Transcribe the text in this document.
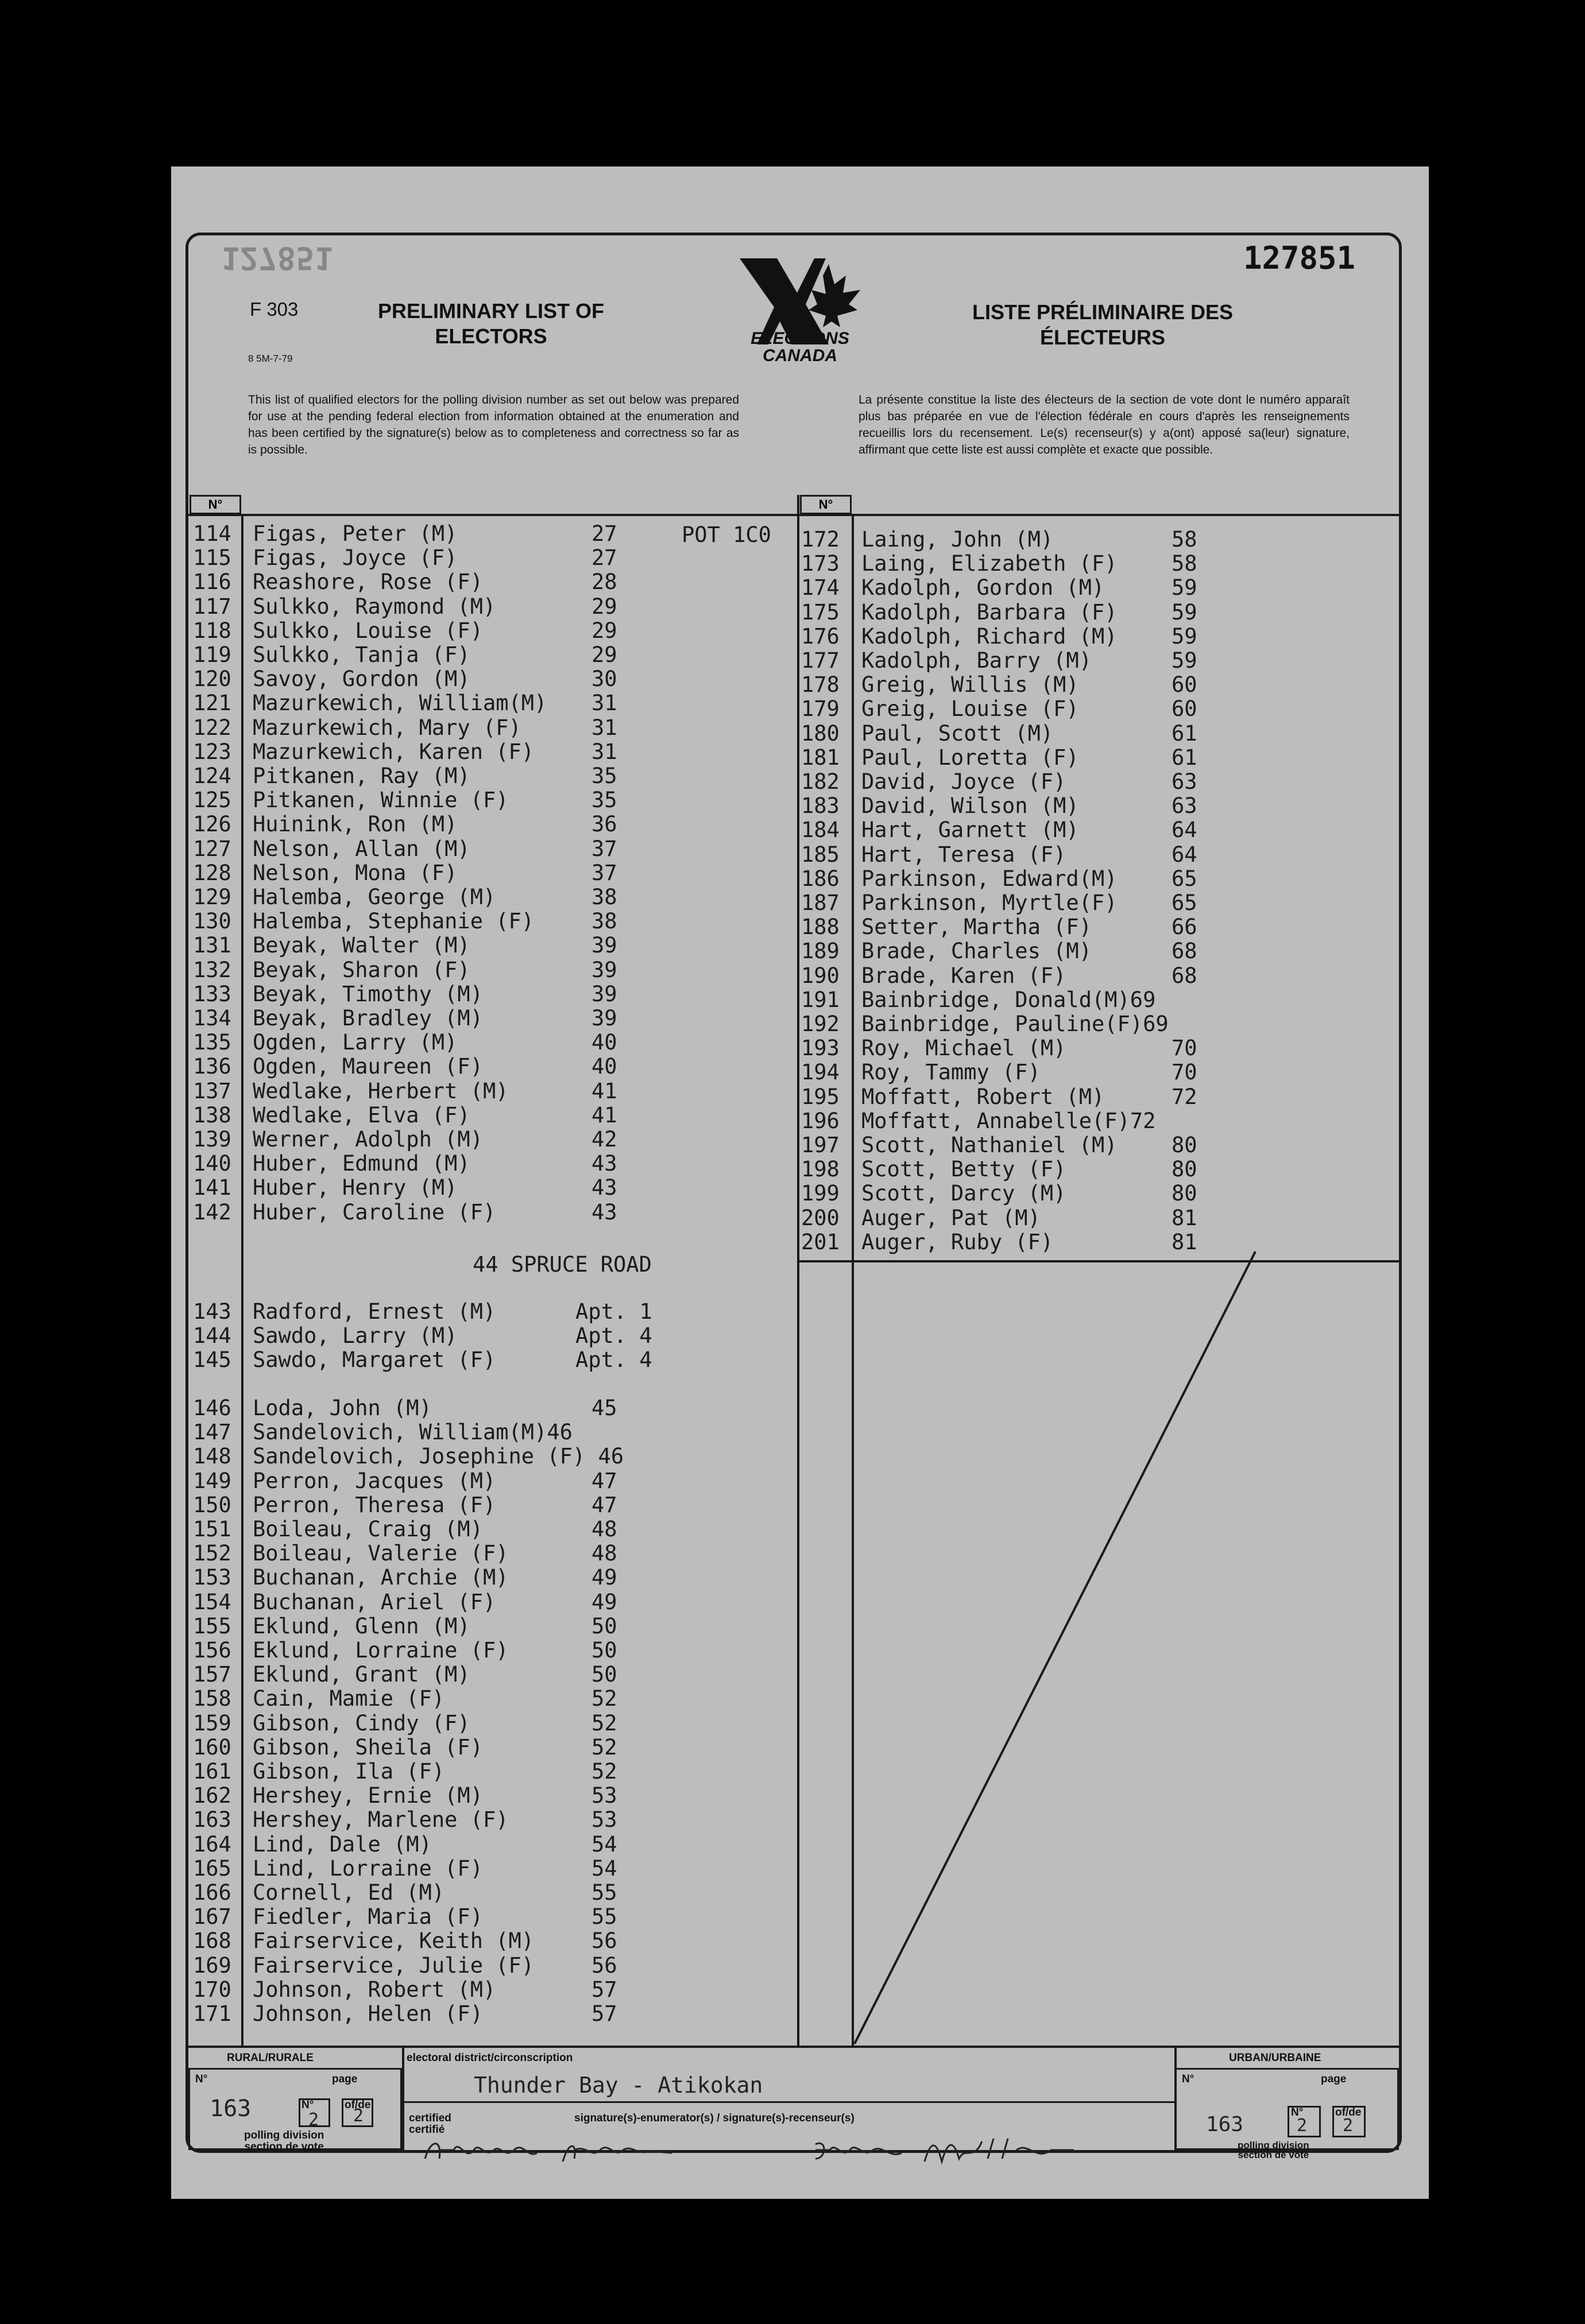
127851	127851
F 303
8 5M-7-79
PRELIMINARY LIST OF
ELECTORS
LISTE PRÉLIMINAIRE DES
ÉLECTEURS
ELECTIONS
CANADA
This list of qualified electors for the polling division number as set out below was prepared for use at the pending federal election from information obtained at the enumeration and has been certified by the signature(s) below as to completeness and correctness so far as is possible.
La présente constitue la liste des électeurs de la section de vote dont le numéro apparaît plus bas préparée en vue de l'élection fédérale en cours d'après les renseignements recueillis lors du recensement. Le(s) recenseur(s) y a(ont) apposé sa(leur) signature, affirmant que cette liste est aussi complète et exacte que possible.
N°	N°
114 Figas, Peter (M)	27
115 Figas, Joyce (F)	27
116 Reashore, Rose (F)	28
117 Sulkko, Raymond (M)	29
118 Sulkko, Louise (F)	29
119 Sulkko, Tanja (F)	29
120 Savoy, Gordon (M)	30
121 Mazurkewich, William(M) 31
122 Mazurkewich, Mary (F)	31
123 Mazurkewich, Karen (F)	31
124 Pitkanen, Ray (M)	35
125 Pitkanen, Winnie (F)	35
126 Huinink, Ron (M)	36
127 Nelson, Allan (M)	37
128 Nelson, Mona (F)	37
129 Halemba, George (M)	38
130 Halemba, Stephanie (F)	38
131 Beyak, Walter (M)	39
132 Beyak, Sharon (F)	39
133 Beyak, Timothy (M)	39
134 Beyak, Bradley (M)	39
135 Ogden, Larry (M)	40
136 Ogden, Maureen (F)	40
137 Wedlake, Herbert (M)	41
138 Wedlake, Elva (F)	41
139 Werner, Adolph (M)	42
140 Huber, Edmund (M)	43
141 Huber, Henry (M)	43
142 Huber, Caroline (F)	43
143 Radford, Ernest (M)	Apt. 1
144 Sawdo, Larry (M)	Apt. 4
145 Sawdo, Margaret (F)	Apt. 4
146 Loda, John (M)	45
147 Sandelovich, William(M)46
148 Sandelovich, Josephine (F) 46
149 Perron, Jacques (M)	47
150 Perron, Theresa (F)	47
151 Boileau, Craig (M)	48
152 Boileau, Valerie (F)	48
153 Buchanan, Archie (M)	49
154 Buchanan, Ariel (F)	49
155 Eklund, Glenn (M)	50
156 Eklund, Lorraine (F)	50
157 Eklund, Grant (M)	50
158 Cain, Mamie (F)	52
159 Gibson, Cindy (F)	52
160 Gibson, Sheila (F)	52
161 Gibson, Ila (F)	52
162 Hershey, Ernie (M)	53
163 Hershey, Marlene (F)	53
164 Lind, Dale (M)	54
165 Lind, Lorraine (F)	54
166 Cornell, Ed (M)	55
167 Fiedler, Maria (F)	55
168 Fairservice, Keith (M)	56
169 Fairservice, Julie (F)	56
170 Johnson, Robert (M)	57
171 Johnson, Helen (F)	57
172 Laing, John (M)	58
173 Laing, Elizabeth (F)	58
174 Kadolph, Gordon (M)	59
175 Kadolph, Barbara (F)	59
176 Kadolph, Richard (M)	59
177 Kadolph, Barry (M)	59
178 Greig, Willis (M)	60
179 Greig, Louise (F)	60
180 Paul, Scott (M)	61
181 Paul, Loretta (F)	61
182 David, Joyce (F)	63
183 David, Wilson (M)	63
184 Hart, Garnett (M)	64
185 Hart, Teresa (F)	64
186 Parkinson, Edward(M)	65
187 Parkinson, Myrtle(F)	65
188 Setter, Martha (F)	66
189 Brade, Charles (M)	68
190 Brade, Karen (F)	68
191 Bainbridge, Donald(M)69
192 Bainbridge, Pauline(F)69
193 Roy, Michael (M)	70
194 Roy, Tammy (F)	70
195 Moffatt, Robert (M)	72
196 Moffatt, Annabelle(F)72
197 Scott, Nathaniel (M)	80
198 Scott, Betty (F)	80
199 Scott, Darcy (M)	80
200 Auger, Pat (M)	81
201 Auger, Ruby (F)	81
POT 1C0
44 SPRUCE ROAD
RURAL/RURALE
N°	page
163	N°	of/de
2 2
polling division
section de vote
electoral district/circonscription
Thunder Bay - Atikokan
certified
certifié
signature(s)-enumerator(s) / signature(s)-recenseur(s)
URBAN/URBAINE
N°	page
163
N°	of/de
2 2
polling division
section de vote
